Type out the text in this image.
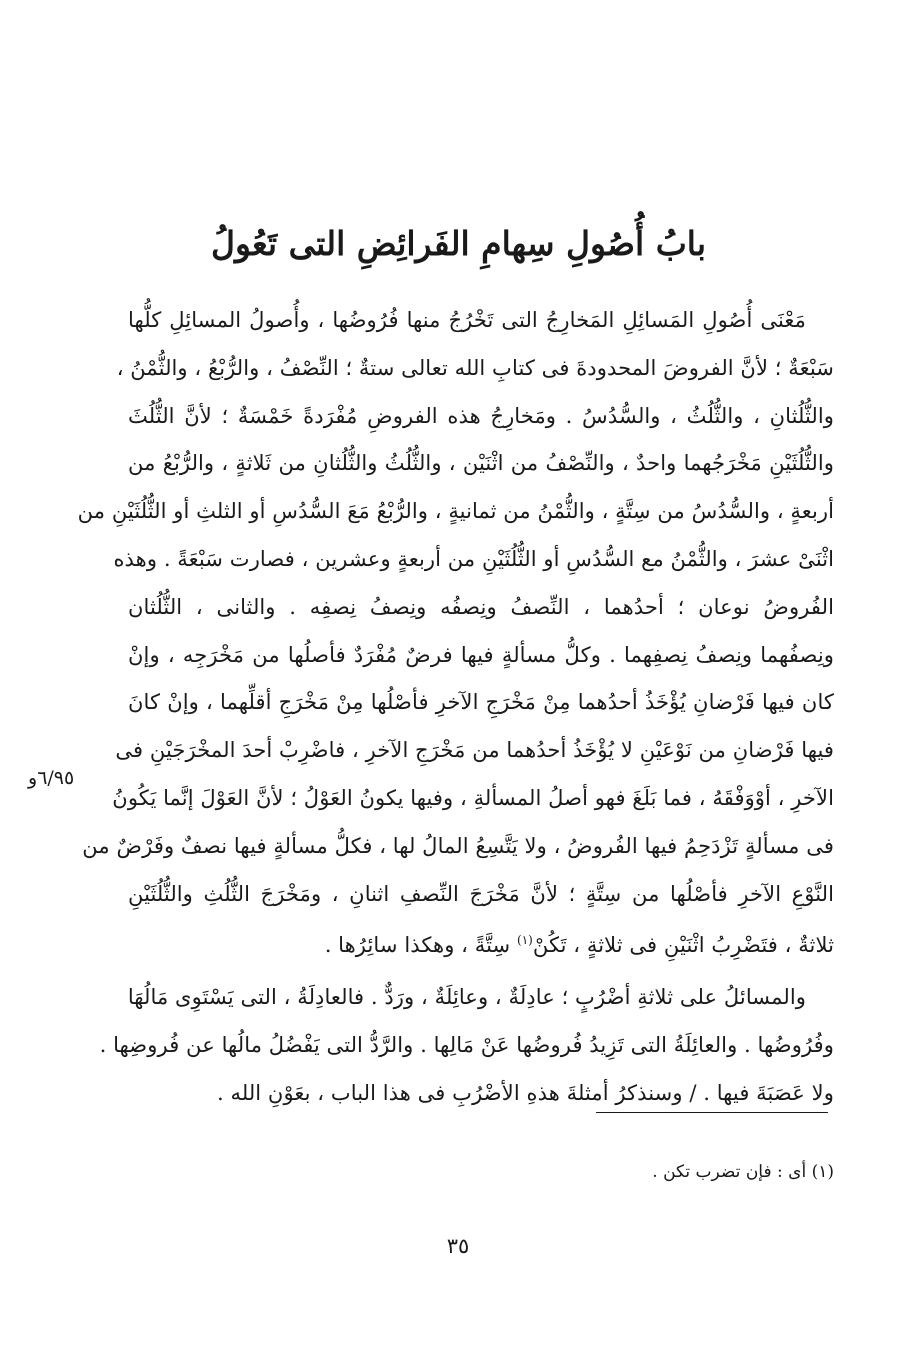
بابُ أُصُولِ سِهامِ الفَرائِضِ التى تَعُولُ
مَعْنَى أُصُولِ المَسائِلِ المَخارِجُ التى تَخْرُجُ منها فُرُوضُها ، وأُصولُ المسائِلِ كلُّها
سَبْعَةٌ ؛ لأنَّ الفروضَ المحدودةَ فى كتابِ الله تعالى ستةٌ ؛ النِّصْفُ ، والرُّبْعُ ، والثُّمْنُ ،
والثُّلُثانِ ، والثُّلُثُ ، والسُّدُسُ . ومَخارِجُ هذه الفروضِ مُفْرَدةً خَمْسَةٌ ؛ لأنَّ الثُّلُثَ
والثُّلُثَيْنِ مَخْرَجُهما واحدٌ ، والنِّصْفُ من اثْنَيْن ، والثُّلُثُ والثُّلُثانِ من ثَلاثةٍ ، والرُّبْعُ من
أربعةٍ ، والسُّدُسُ من سِتَّةٍ ، والثُّمْنُ من ثمانيةٍ ، والرُّبْعُ مَعَ السُّدُسِ أو الثلثِ أو الثُّلُثَيْنِ من
اثْنَىْ عشرَ ، والثُّمْنُ مع السُّدُسِ أو الثُّلُثَيْنِ من أربعةٍ وعشرين ، فصارت سَبْعَةً . وهذه
الفُروضُ نوعان ؛ أحدُهما ، النِّصفُ ونِصفُه ونِصفُ نِصفِه . والثانى ، الثُّلُثان
ونِصفُهما ونِصفُ نِصفِهما . وكلُّ مسألةٍ فيها فرضٌ مُفْرَدٌ فأصلُها من مَخْرَجِه ، وإنْ
كان فيها فَرْضانِ يُؤْخَذُ أحدُهما مِنْ مَخْرَجِ الآخرِ فأصْلُها مِنْ مَخْرَجِ أقلِّهما ، وإنْ كانَ
فيها فَرْضانِ من نَوْعَيْنِ لا يُؤْخَذُ أحدُهما من مَخْرَجِ الآخرِ ، فاضْرِبْ أحدَ المخْرَجَيْنِ فى
الآخرِ ، أوْوَفْقَهُ ، فما بَلَغَ فهو أصلُ المسألةِ ، وفيها يكونُ العَوْلُ ؛ لأنَّ العَوْلَ إنَّما يَكُونُ
فى مسألةٍ تَزْدَحِمُ فيها الفُروضُ ، ولا يَتَّسِعُ المالُ لها ، فكلُّ مسألةٍ فيها نصفٌ وفَرْضٌ من
النَّوْعِ الآخرِ فأصْلُها من سِتَّةٍ ؛ لأنَّ مَخْرَجَ النِّصفِ اثنانِ ، ومَخْرَجَ الثُّلُثِ والثُّلُثَيْنِ
ثلاثةٌ ، فتَضْرِبُ اثْنَيْنِ فى ثلاثةٍ ، تَكُنْ$^{(١)}$ سِتَّةً ، وهكذا سائِرُها .
والمسائلُ على ثلاثةِ أضْرُبٍ ؛ عادِلَةٌ ، وعائِلَةٌ ، ورَدٌّ . فالعادِلَةُ ، التى يَسْتَوِى مَالُهَا
وفُرُوضُها . والعائِلَةُ التى تَزِيدُ فُروضُها عَنْ مَالِها . والرَّدُّ التى يَفْضُلُ مالُها عن فُروضِها .
ولا عَصَبَةَ فيها . / وسنذكرُ أمثلةَ هذهِ الأضْرُبِ فى هذا الباب ، بعَوْنِ الله .
٦/٩٥و
(١) أى : فإن تضرب تكن .
٣٥
